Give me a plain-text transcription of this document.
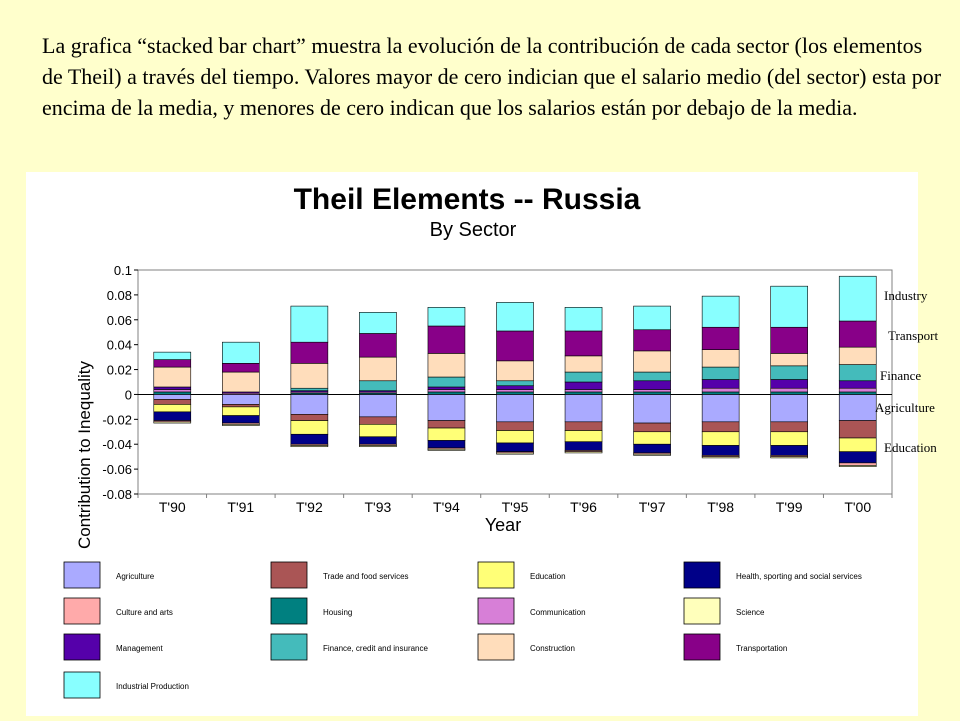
La grafica “stacked bar chart” muestra la evolución de la contribución de cada sector (los elementos de Theil) a través del tiempo. Valores mayor de cero indician que el salario medio (del sector) esta por encima de la media, y menores de cero indican que los salarios están por debajo de la media.

Theil Elements -- Russia
By Sector
T'90	T'91	T'92	T'93	T'94	T'95	T'96	T'97	T'98	T'99	T'00
0.1
0.08
0.06
0.04
0.02
0
-0.02
-0.04
-0.06
-0.08
Year
Contribution to Inequality
Agriculture	Trade and food services	Education	Health, sporting and social services
Culture and arts	Housing	Communication	Science
Management	Finance, credit and insurance	Construction	Transportation
Industrial Production
Industry
Transport
Finance
Agriculture
Education
